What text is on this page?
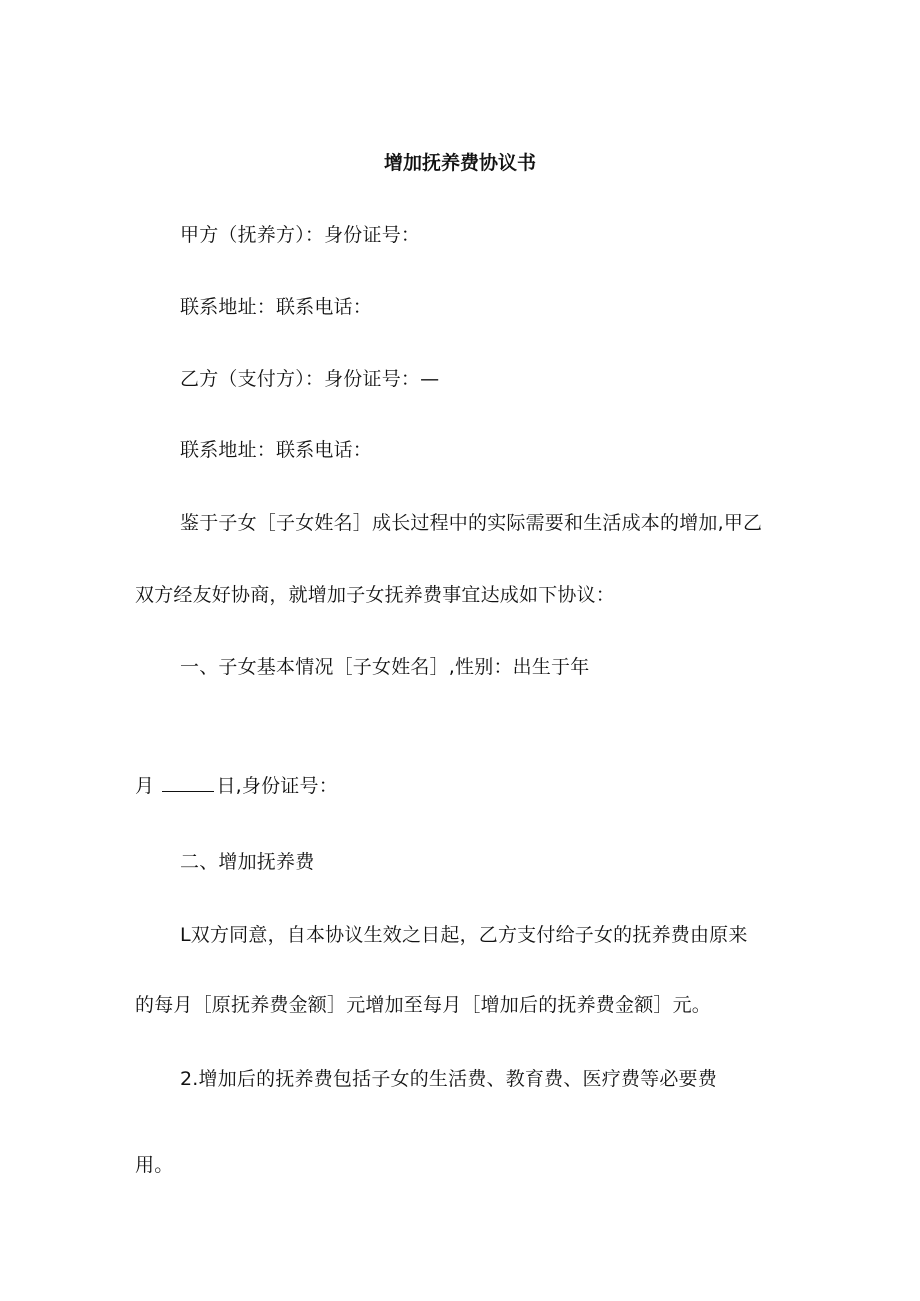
增加抚养费协议书
甲方（抚养方）：身份证号：
联系地址：联系电话：
乙方（支付方）：身份证号：—
联系地址：联系电话：
鉴于子女［子女姓名］成长过程中的实际需要和生活成本的增加,甲乙
双方经友好协商，就增加子女抚养费事宜达成如下协议：
一、子女基本情况［子女姓名］,性别：出生于年
月	日,身份证号：
二、增加抚养费
L双方同意，自本协议生效之日起，乙方支付给子女的抚养费由原来
的每月［原抚养费金额］元增加至每月［增加后的抚养费金额］元。
2.增加后的抚养费包括子女的生活费、教育费、医疗费等必要费
用。
